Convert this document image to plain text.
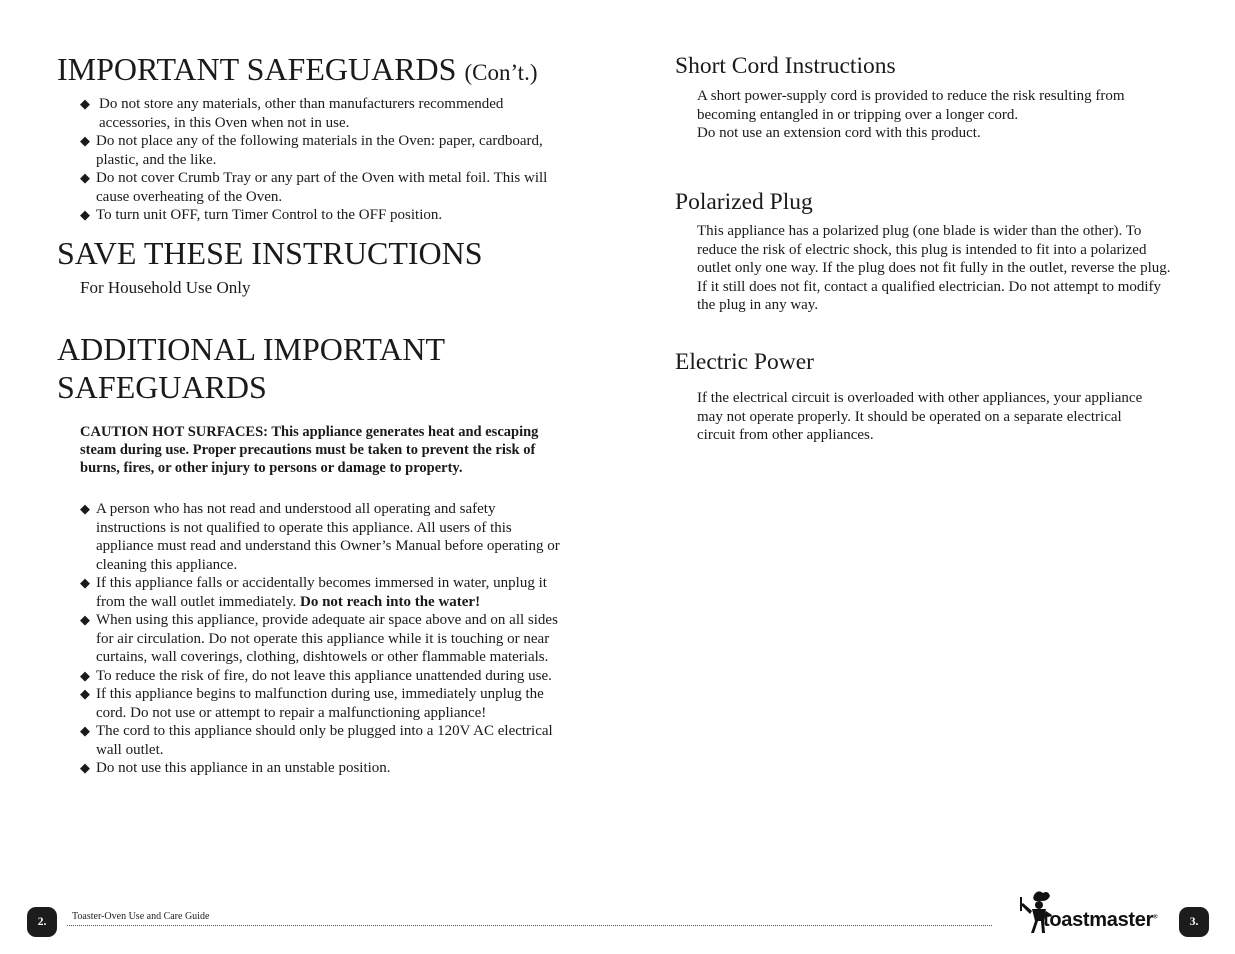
IMPORTANT SAFEGUARDS (Con’t.)
◆ Do not store any materials, other than manufacturers recommended accessories, in this Oven when not in use.
◆ Do not place any of the following materials in the Oven: paper, cardboard, plastic, and the like.
◆ Do not cover Crumb Tray or any part of the Oven with metal foil. This will cause overheating of the Oven.
◆ To turn unit OFF, turn Timer Control to the OFF position.
SAVE THESE INSTRUCTIONS

For Household Use Only

ADDITIONAL IMPORTANT
SAFEGUARDS

CAUTION HOT SURFACES: This appliance generates heat and escaping steam during use. Proper precautions must be taken to prevent the risk of burns, fires, or other injury to persons or damage to property.

◆ A person who has not read and understood all operating and safety instructions is not qualified to operate this appliance. All users of this appliance must read and understand this Owner’s Manual before operating or cleaning this appliance.
◆ If this appliance falls or accidentally becomes immersed in water, unplug it from the wall outlet immediately. Do not reach into the water!
◆ When using this appliance, provide adequate air space above and on all sides for air circulation. Do not operate this appliance while it is touching or near curtains, wall coverings, clothing, dishtowels or other flammable materials.
◆ To reduce the risk of fire, do not leave this appliance unattended during use.
◆ If this appliance begins to malfunction during use, immediately unplug the cord. Do not use or attempt to repair a malfunctioning appliance!
◆ The cord to this appliance should only be plugged into a 120V AC electrical wall outlet.
◆ Do not use this appliance in an unstable position.
Short Cord Instructions

A short power-supply cord is provided to reduce the risk resulting from becoming entangled in or tripping over a longer cord.
Do not use an extension cord with this product.

Polarized Plug

This appliance has a polarized plug (one blade is wider than the other). To reduce the risk of electric shock, this plug is intended to fit into a polarized outlet only one way. If the plug does not fit fully in the outlet, reverse the plug. If it still does not fit, contact a qualified electrician. Do not attempt to modify the plug in any way.

Electric Power

If the electrical circuit is overloaded with other appliances, your appliance may not operate properly. It should be operated on a separate electrical circuit from other appliances.

2.	Toaster-Oven Use and Care Guide	toastmaster®	3.
